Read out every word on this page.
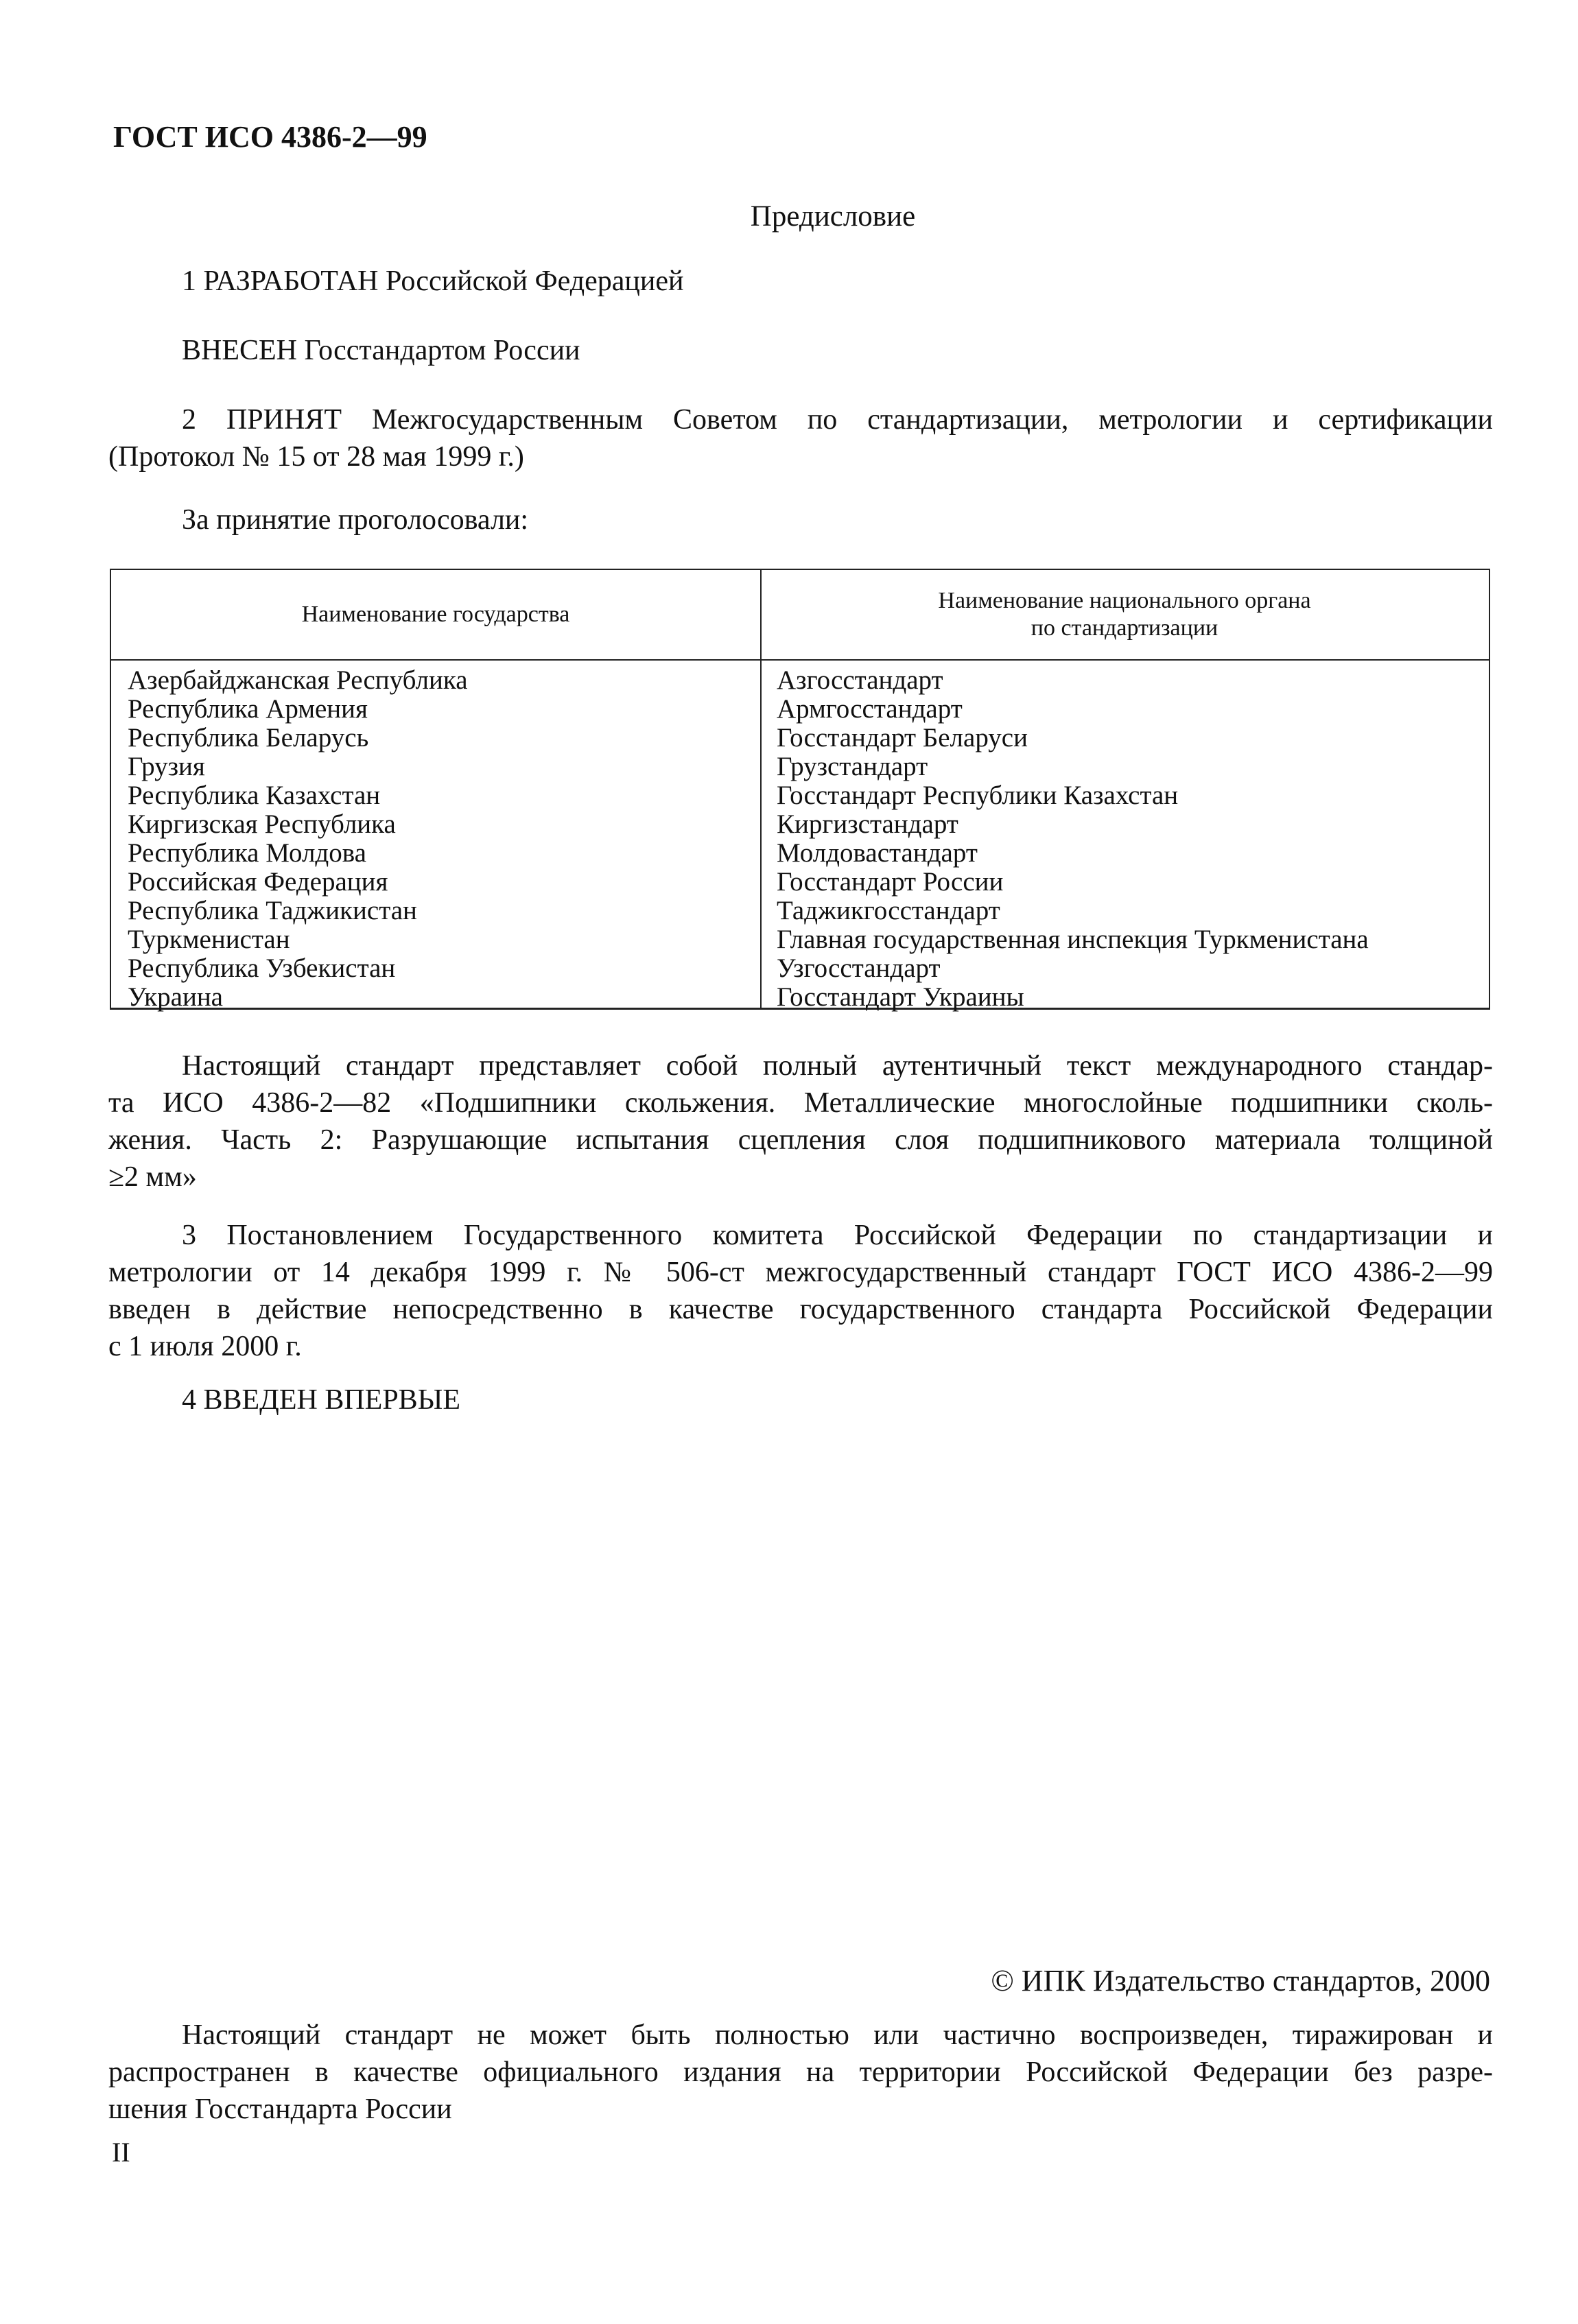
ГОСТ ИСО 4386-2—99
Предисловие
1 РАЗРАБОТАН Российской Федерацией
ВНЕСЕН Госстандартом России
2 ПРИНЯТ Межгосударственным Советом по стандартизации, метрологии и сертификации
(Протокол № 15 от 28 мая 1999 г.)
За принятие проголосовали:
Наименование государства
Наименование национального органа
по стандартизации
Азербайджанская Республика
Республика Армения
Республика Беларусь
Грузия
Республика Казахстан
Киргизская Республика
Республика Молдова
Российская Федерация
Республика Таджикистан
Туркменистан
Республика Узбекистан
Украина
Азгосстандарт
Армгосстандарт
Госстандарт Беларуси
Грузстандарт
Госстандарт Республики Казахстан
Киргизстандарт
Молдовастандарт
Госстандарт России
Таджикгосстандарт
Главная государственная инспекция Туркменистана
Узгосстандарт
Госстандарт Украины
Настоящий стандарт представляет собой полный аутентичный текст международного стандар-
та ИСО 4386-2—82 «Подшипники скольжения. Металлические многослойные подшипники сколь-
жения. Часть 2: Разрушающие испытания сцепления слоя подшипникового материала толщиной
≥2 мм»
3 Постановлением Государственного комитета Российской Федерации по стандартизации и
метрологии от 14 декабря 1999 г. № 506-ст межгосударственный стандарт ГОСТ ИСО 4386-2—99
введен в действие непосредственно в качестве государственного стандарта Российской Федерации
с 1 июля 2000 г.
4 ВВЕДЕН ВПЕРВЫЕ
© ИПК Издательство стандартов, 2000
Настоящий стандарт не может быть полностью или частично воспроизведен, тиражирован и
распространен в качестве официального издания на территории Российской Федерации без разре-
шения Госстандарта России
II
